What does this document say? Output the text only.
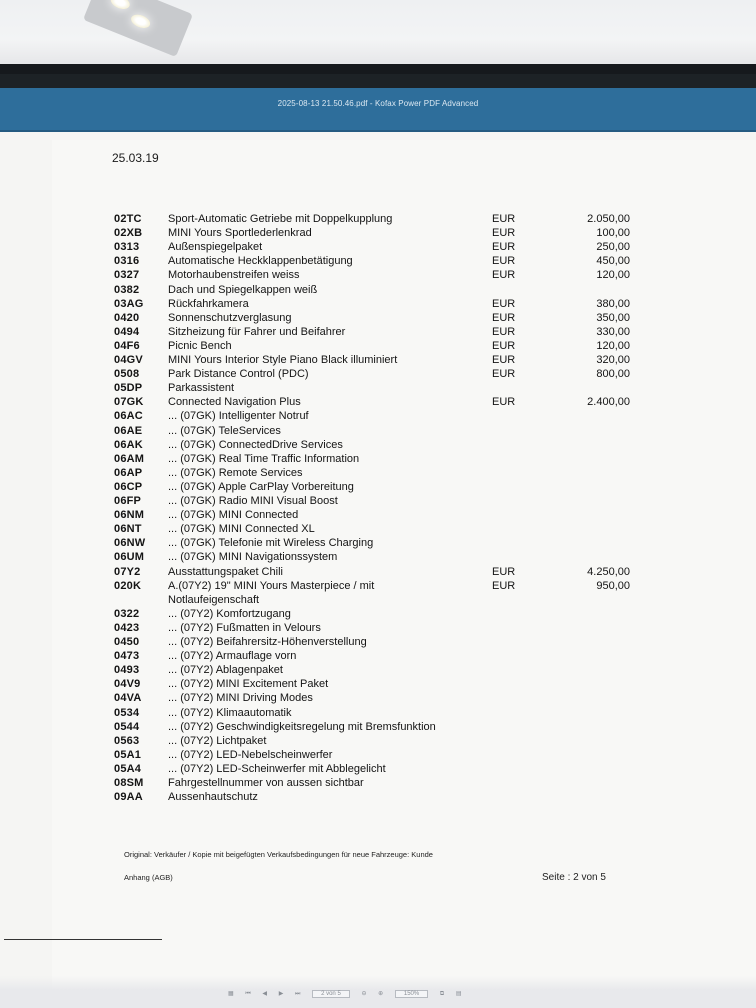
2025-08-13 21.50.46.pdf - Kofax Power PDF Advanced
25.03.19
02TC Sport-Automatic Getriebe mit Doppelkupplung	EUR	2.050,00
02XB MINI Yours Sportlederlenkrad	EUR	100,00
0313	Außenspiegelpaket	EUR	250,00
0316	Automatische Heckklappenbetätigung	EUR	450,00
0327	Motorhaubenstreifen weiss	EUR	120,00
0382	Dach und Spiegelkappen weiß
03AG Rückfahrkamera	EUR	380,00
0420	Sonnenschutzverglasung	EUR	350,00
0494	Sitzheizung für Fahrer und Beifahrer	EUR	330,00
04F6	Picnic Bench	EUR	120,00
04GV MINI Yours Interior Style Piano Black illuminiert	EUR	320,00
0508	Park Distance Control (PDC)	EUR	800,00
05DP Parkassistent
07GK Connected Navigation Plus	EUR	2.400,00
06AC ... (07GK) Intelligenter Notruf
06AE ... (07GK) TeleServices
06AK ... (07GK) ConnectedDrive Services
06AM ... (07GK) Real Time Traffic Information
06AP ... (07GK) Remote Services
06CP ... (07GK) Apple CarPlay Vorbereitung
06FP ... (07GK) Radio MINI Visual Boost
06NM ... (07GK) MINI Connected
06NT ... (07GK) MINI Connected XL
06NW ... (07GK) Telefonie mit Wireless Charging
06UM ... (07GK) MINI Navigationssystem
07Y2	Ausstattungspaket Chili	EUR	4.250,00
020K A.(07Y2) 19" MINI Yours Masterpiece / mit	EUR	950,00
Notlaufeigenschaft
0322	... (07Y2) Komfortzugang
0423	... (07Y2) Fußmatten in Velours
0450	... (07Y2) Beifahrersitz-Höhenverstellung
0473	... (07Y2) Armauflage vorn
0493	... (07Y2) Ablagenpaket
04V9	... (07Y2) MINI Excitement Paket
04VA ... (07Y2) MINI Driving Modes
0534	... (07Y2) Klimaautomatik
0544	... (07Y2) Geschwindigkeitsregelung mit Bremsfunktion
0563	... (07Y2) Lichtpaket
05A1 ... (07Y2) LED-Nebelscheinwerfer
05A4 ... (07Y2) LED-Scheinwerfer mit Abblegelicht
08SM Fahrgestellnummer von aussen sichtbar
09AA Aussenhautschutz
Original: Verkäufer / Kopie mit beigefügten Verkaufsbedingungen für neue Fahrzeuge: Kunde
Anhang (AGB)	Seite : 2 von 5
▦ ⏮ ◀ ▶ ⏭	2 von 5	⊖ ⊕	150%	⧉ ▤
